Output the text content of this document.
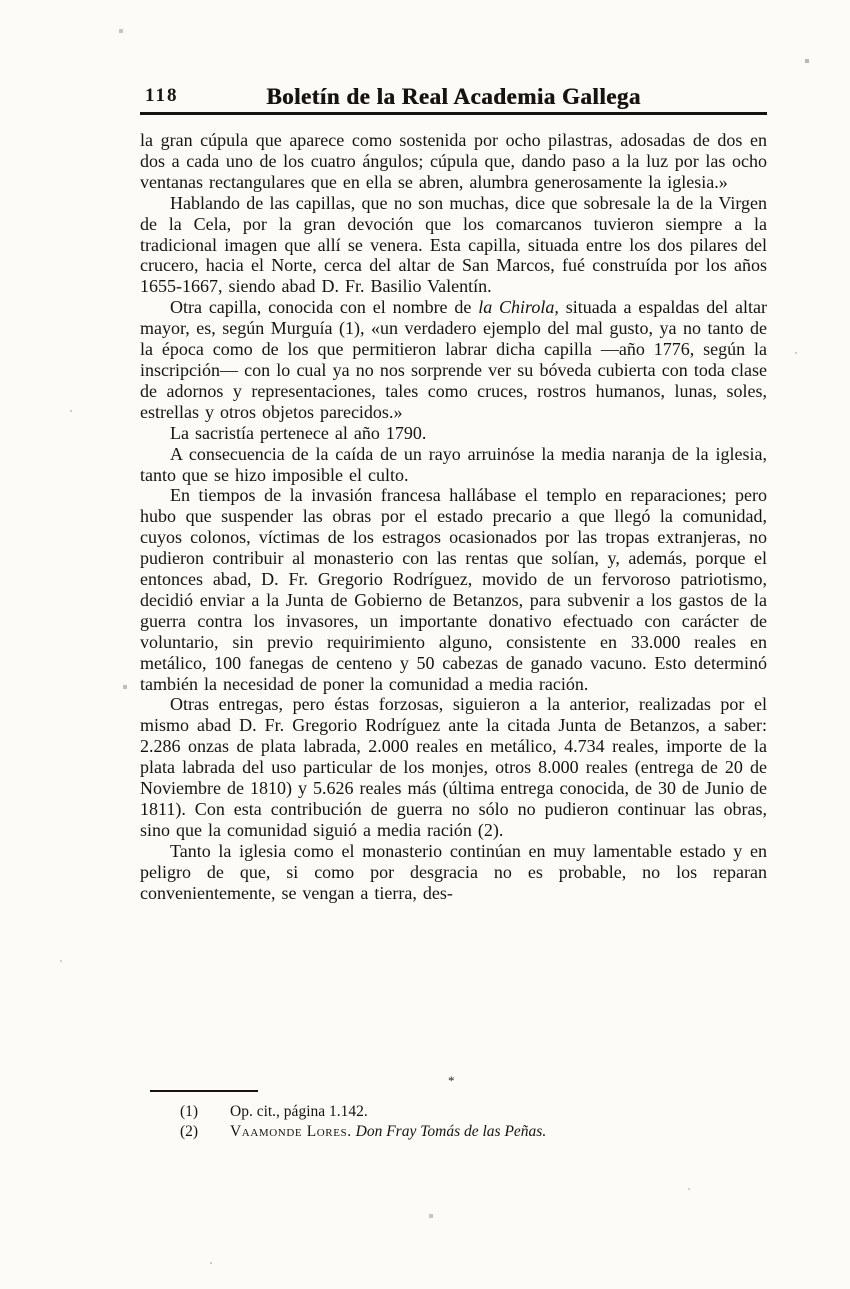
118	Boletín de la Real Academia Gallega

la gran cúpula que aparece como sostenida por ocho pilastras, adosadas de dos en dos a cada uno de los cuatro ángulos; cúpula que, dando paso a la luz por las ocho ventanas rectangulares que en ella se abren, alumbra generosamente la iglesia.»

Hablando de las capillas, que no son muchas, dice que sobresale la de la Virgen de la Cela, por la gran devoción que los comarcanos tuvieron siempre a la tradicional imagen que allí se venera. Esta capilla, situada entre los dos pilares del crucero, hacia el Norte, cerca del altar de San Marcos, fué construída por los años 1655-1667, siendo abad D. Fr. Basilio Valentín.

Otra capilla, conocida con el nombre de la Chirola, situada a espaldas del altar mayor, es, según Murguía (1), «un verdadero ejemplo del mal gusto, ya no tanto de la época como de los que permitieron labrar dicha capilla —año 1776, según la inscripción— con lo cual ya no nos sorprende ver su bóveda cubierta con toda clase de adornos y representaciones, tales como cruces, rostros humanos, lunas, soles, estrellas y otros objetos parecidos.»

La sacristía pertenece al año 1790.

A consecuencia de la caída de un rayo arruinóse la media naranja de la iglesia, tanto que se hizo imposible el culto.

En tiempos de la invasión francesa hallábase el templo en reparaciones; pero hubo que suspender las obras por el estado precario a que llegó la comunidad, cuyos colonos, víctimas de los estragos ocasionados por las tropas extranjeras, no pudieron contribuir al monasterio con las rentas que solían, y, además, porque el entonces abad, D. Fr. Gregorio Rodríguez, movido de un fervoroso patriotismo, decidió enviar a la Junta de Gobierno de Betanzos, para subvenir a los gastos de la guerra contra los invasores, un importante donativo efectuado con carácter de voluntario, sin previo requirimiento alguno, consistente en 33.000 reales en metálico, 100 fanegas de centeno y 50 cabezas de ganado vacuno. Esto determinó también la necesidad de poner la comunidad a media ración.

Otras entregas, pero éstas forzosas, siguieron a la anterior, realizadas por el mismo abad D. Fr. Gregorio Rodríguez ante la citada Junta de Betanzos, a saber: 2.286 onzas de plata labrada, 2.000 reales en metálico, 4.734 reales, importe de la plata labrada del uso particular de los monjes, otros 8.000 reales (entrega de 20 de Noviembre de 1810) y 5.626 reales más (última entrega conocida, de 30 de Junio de 1811). Con esta contribución de guerra no sólo no pudieron continuar las obras, sino que la comunidad siguió a media ración (2).

Tanto la iglesia como el monasterio continúan en muy lamentable estado y en peligro de que, si como por desgracia no es probable, no los reparan convenientemente, se vengan a tierra, des-

*
(1)	Op. cit., página 1.142.
(2)	Vaamonde Lores. Don Fray Tomás de las Peñas.
